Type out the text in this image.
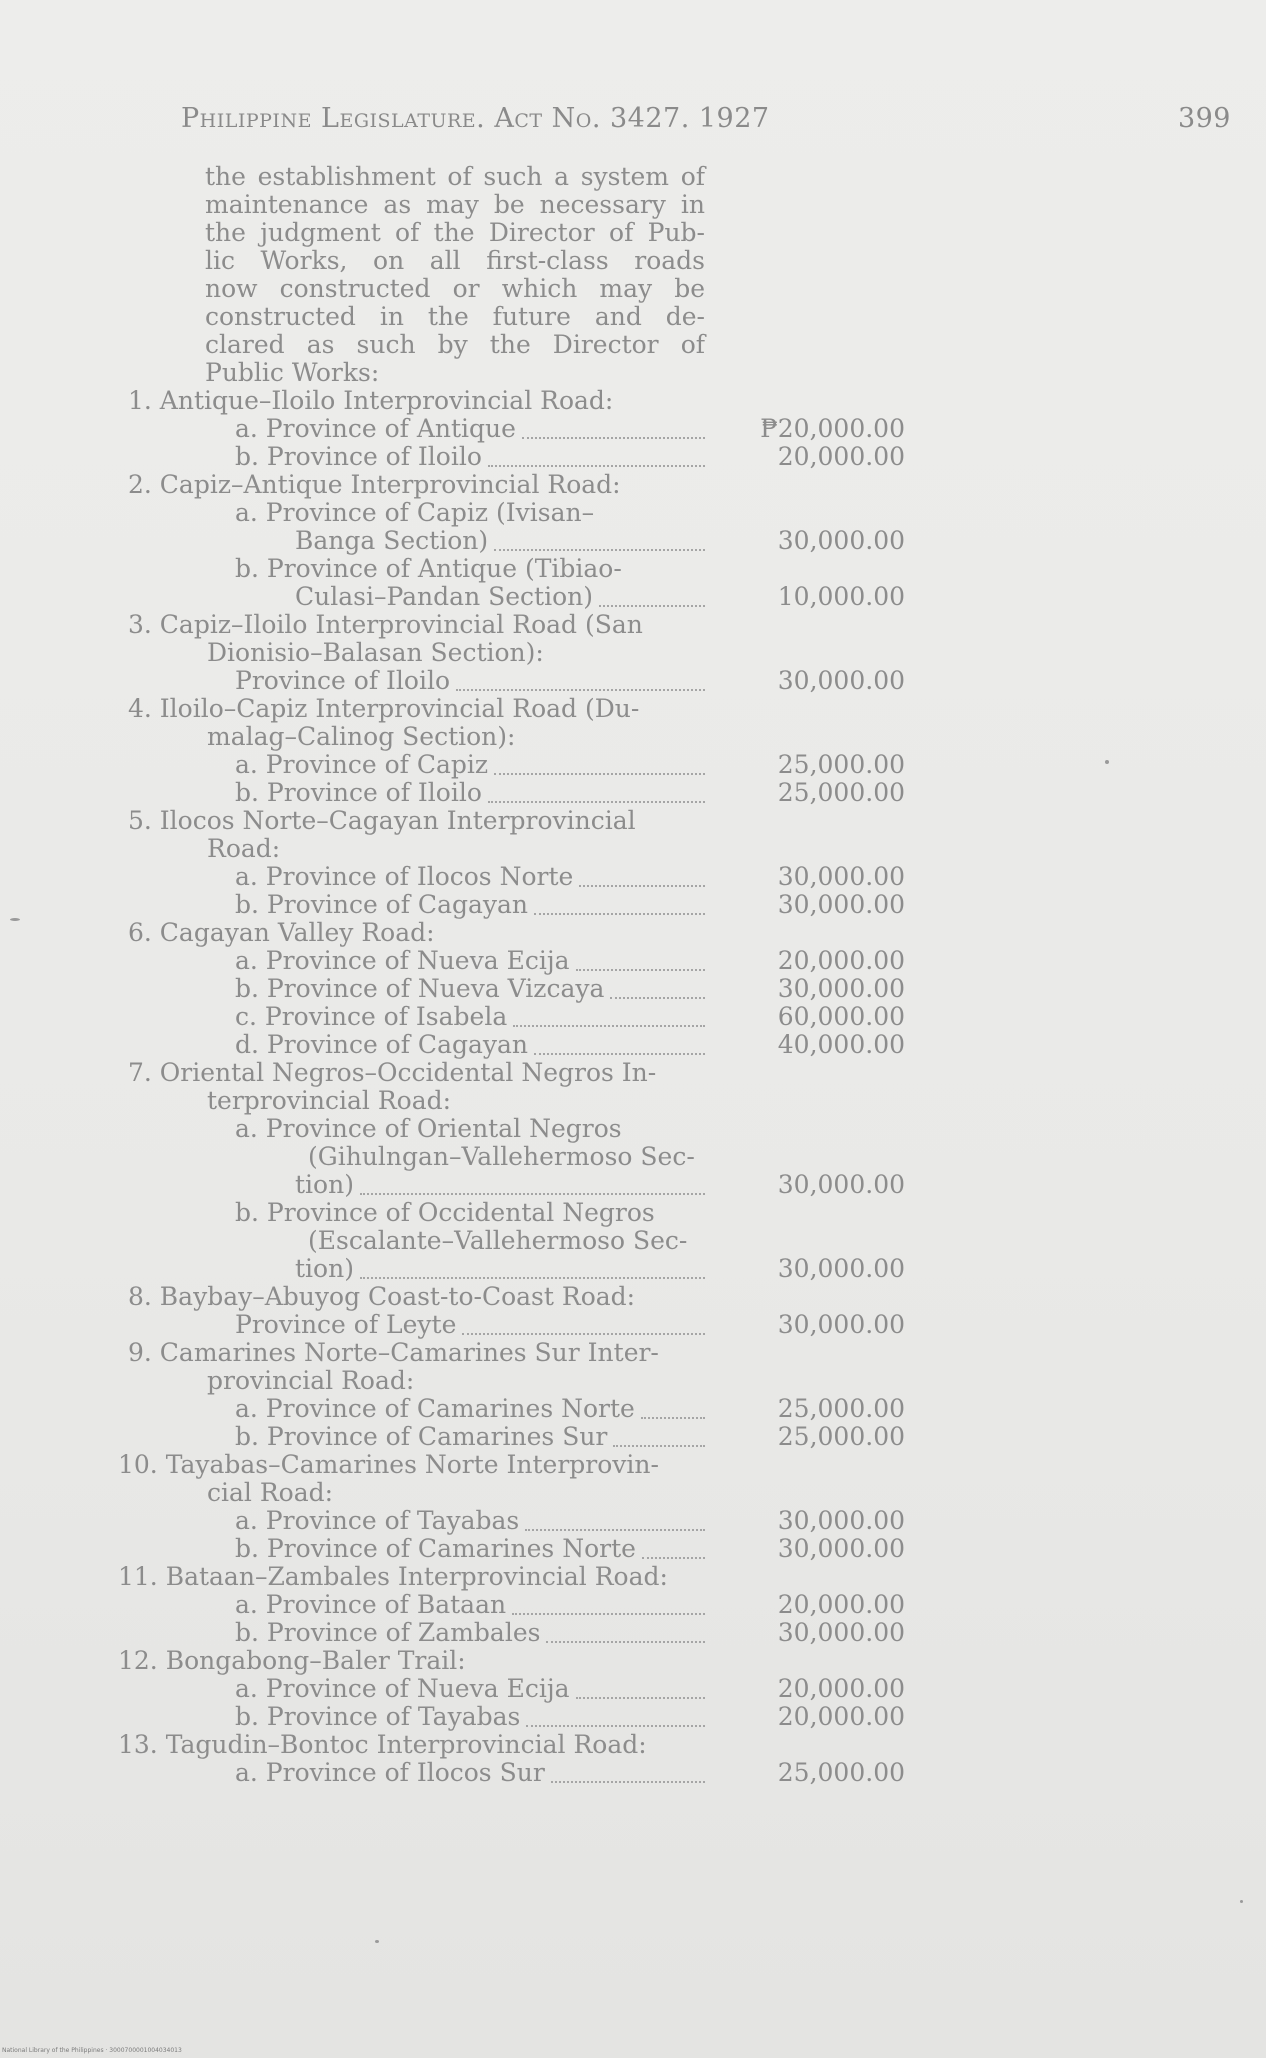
Philippine Legislature. Act No. 3427. 1927	399
the establishment of such a system of
maintenance as may be necessary in
the judgment of the Director of Pub-
lic Works, on all first-class roads
now constructed or which may be
constructed in the future and de-
clared as such by the Director of
Public Works:
1. Antique–Iloilo Interprovincial Road:
a. Province of Antique	₱20,000.00
b. Province of Iloilo	20,000.00
2. Capiz–Antique Interprovincial Road:
a. Province of Capiz (Ivisan–
Banga Section)	30,000.00
b. Province of Antique (Tibiao-
Culasi–Pandan Section)	10,000.00
3. Capiz–Iloilo Interprovincial Road (San
Dionisio–Balasan Section):
Province of Iloilo	30,000.00
4. Iloilo–Capiz Interprovincial Road (Du-
malag–Calinog Section):
a. Province of Capiz	25,000.00
b. Province of Iloilo	25,000.00
5. Ilocos Norte–Cagayan Interprovincial
Road:
a. Province of Ilocos Norte	30,000.00
b. Province of Cagayan	30,000.00
6. Cagayan Valley Road:
a. Province of Nueva Ecija	20,000.00
b. Province of Nueva Vizcaya	30,000.00
c. Province of Isabela	60,000.00
d. Province of Cagayan	40,000.00
7. Oriental Negros–Occidental Negros In-
terprovincial Road:
a. Province of Oriental Negros
(Gihulngan–Vallehermoso Sec-
tion)	30,000.00
b. Province of Occidental Negros
(Escalante–Vallehermoso Sec-
tion)	30,000.00
8. Baybay–Abuyog Coast-to-Coast Road:
Province of Leyte	30,000.00
9. Camarines Norte–Camarines Sur Inter-
provincial Road:
a. Province of Camarines Norte	25,000.00
b. Province of Camarines Sur	25,000.00
10. Tayabas–Camarines Norte Interprovin-
cial Road:
a. Province of Tayabas	30,000.00
b. Province of Camarines Norte	30,000.00
11. Bataan–Zambales Interprovincial Road:
a. Province of Bataan	20,000.00
b. Province of Zambales	30,000.00
12. Bongabong–Baler Trail:
a. Province of Nueva Ecija	20,000.00
b. Province of Tayabas	20,000.00
13. Tagudin–Bontoc Interprovincial Road:
a. Province of Ilocos Sur	25,000.00
National Library of the Philippines · 3000700001004034013
